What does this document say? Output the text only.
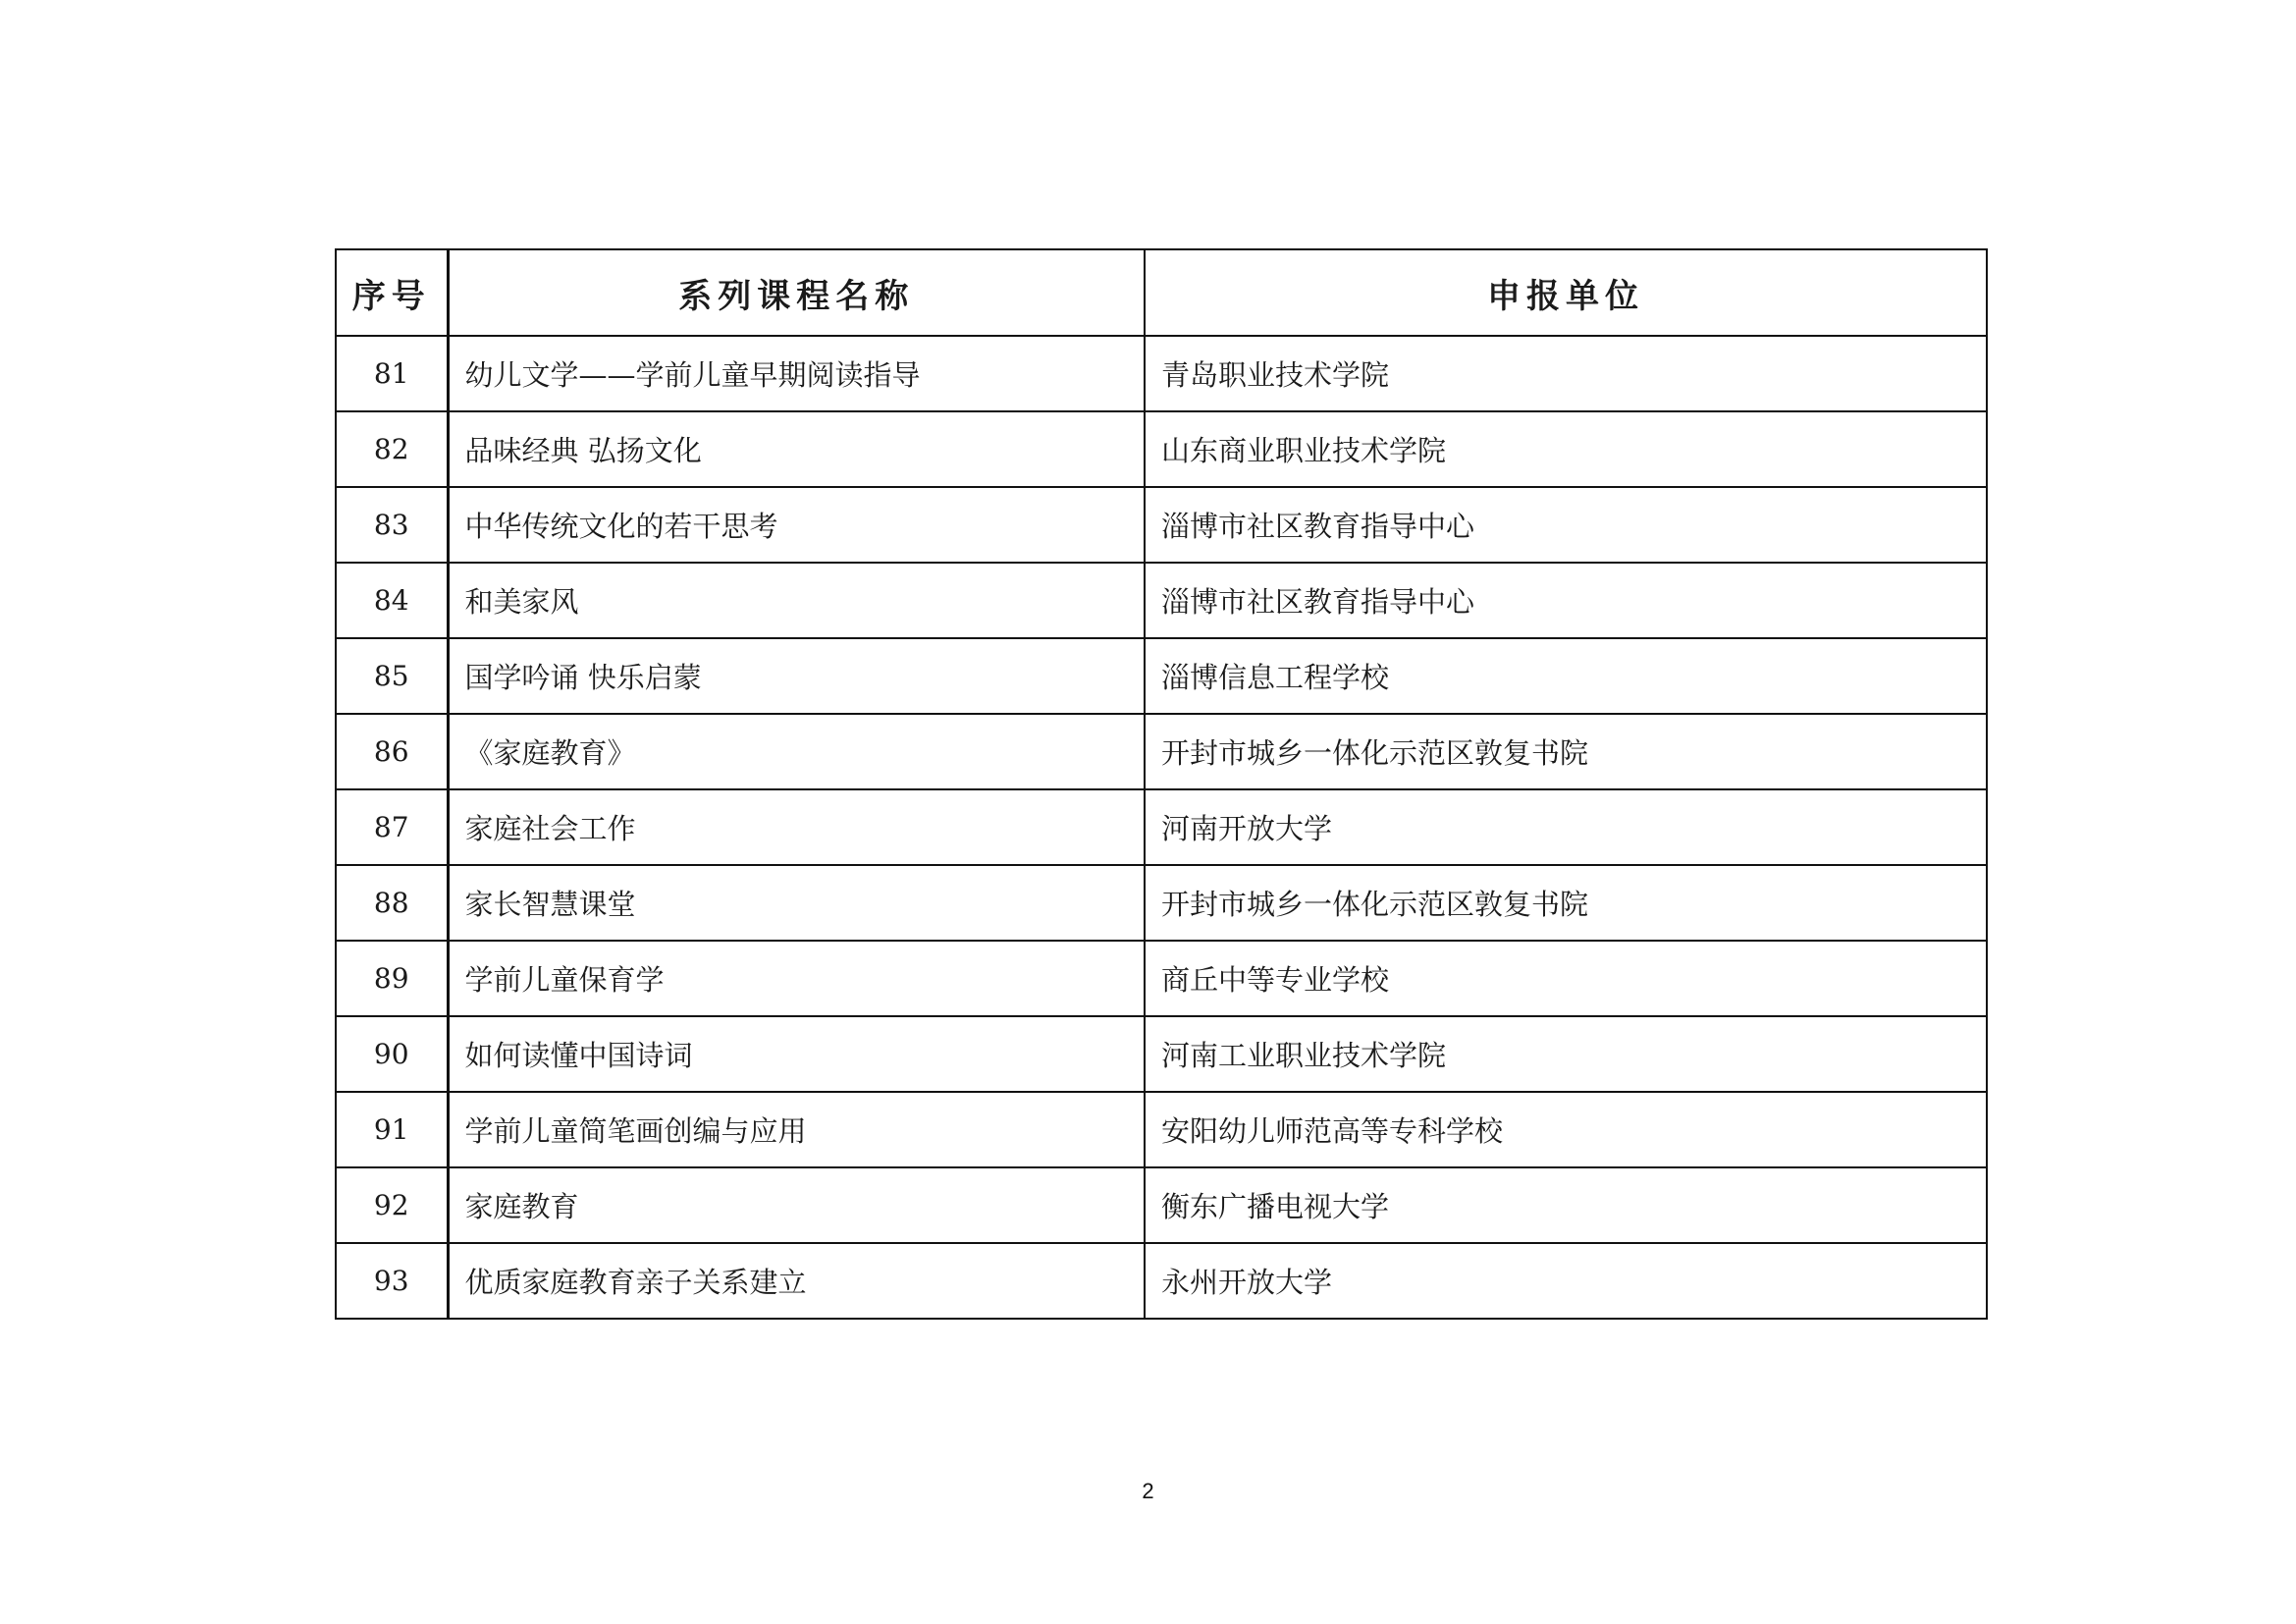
序号	系列课程名称	申报单位
81	幼儿文学——学前儿童早期阅读指导	青岛职业技术学院
82	品味经典 弘扬文化	山东商业职业技术学院
83	中华传统文化的若干思考	淄博市社区教育指导中心
84	和美家风	淄博市社区教育指导中心
85	国学吟诵 快乐启蒙	淄博信息工程学校
86	《家庭教育》	开封市城乡一体化示范区敦复书院
87	家庭社会工作	河南开放大学
88	家长智慧课堂	开封市城乡一体化示范区敦复书院
89	学前儿童保育学	商丘中等专业学校
90	如何读懂中国诗词	河南工业职业技术学院
91	学前儿童简笔画创编与应用	安阳幼儿师范高等专科学校
92	家庭教育	衡东广播电视大学
93	优质家庭教育亲子关系建立	永州开放大学
2
